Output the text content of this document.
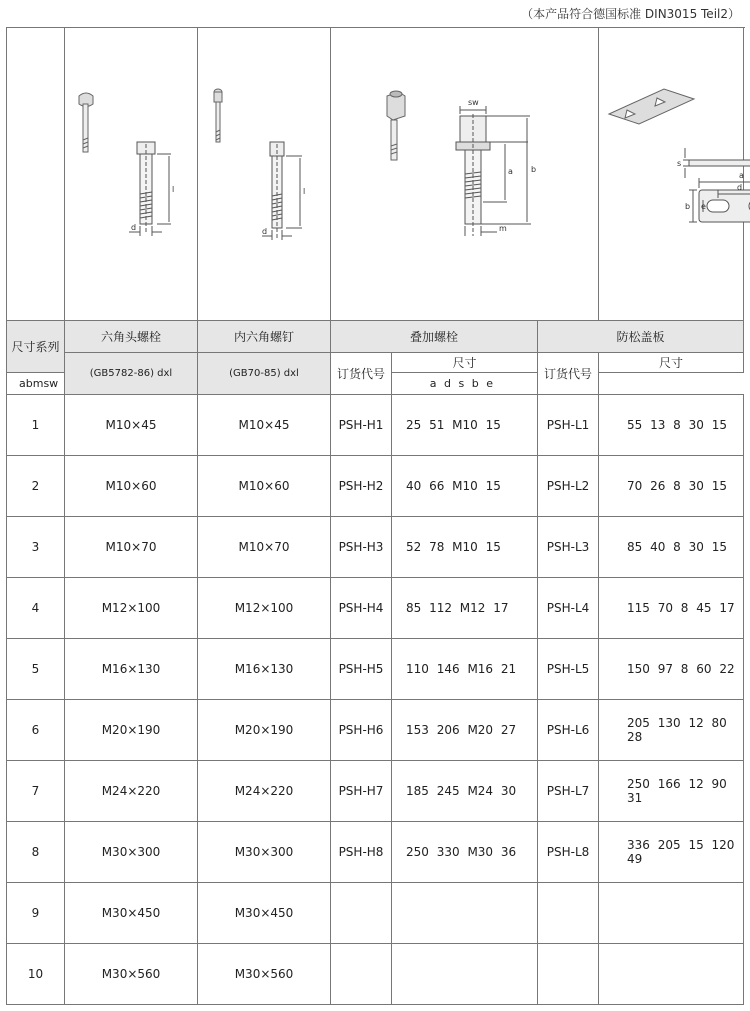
（本产品符合德国标准 DIN3015 Teil2）

l
d	l
d	sw
a b
m			s
a
d
b e

尺寸系列	六角头螺栓	内六角螺钉	叠加螺栓		防松盖板	
	(GB5782-86) dxl	(GB70-85) dxl	订货代号	尺寸	订货代号	尺寸

a b m sw				a d s b e		
1	M10×45	M10×45	PSH-H1	25 51 M10 15	PSH-L1	55 13 8 30 15
2	M10×60	M10×60	PSH-H2	40 66 M10 15	PSH-L2	70 26 8 30 15
3	M10×70	M10×70	PSH-H3	52 78 M10 15	PSH-L3	85 40 8 30 15
4	M12×100	M12×100	PSH-H4	85 112 M12 17	PSH-L4	115 70 8 45 17
5	M16×130	M16×130	PSH-H5	110 146 M16 21	PSH-L5	150 97 8 60 22
6	M20×190	M20×190	PSH-H6	153 206 M20 27	PSH-L6	205 130 12 80 28
7	M24×220	M24×220	PSH-H7	185 245 M24 30	PSH-L7	250 166 12 90 31
8	M30×300	M30×300	PSH-H8	250 330 M30 36	PSH-L8	336 205 15 120 49
9	M30×450	M30×450				
10	M30×560	M30×560				
